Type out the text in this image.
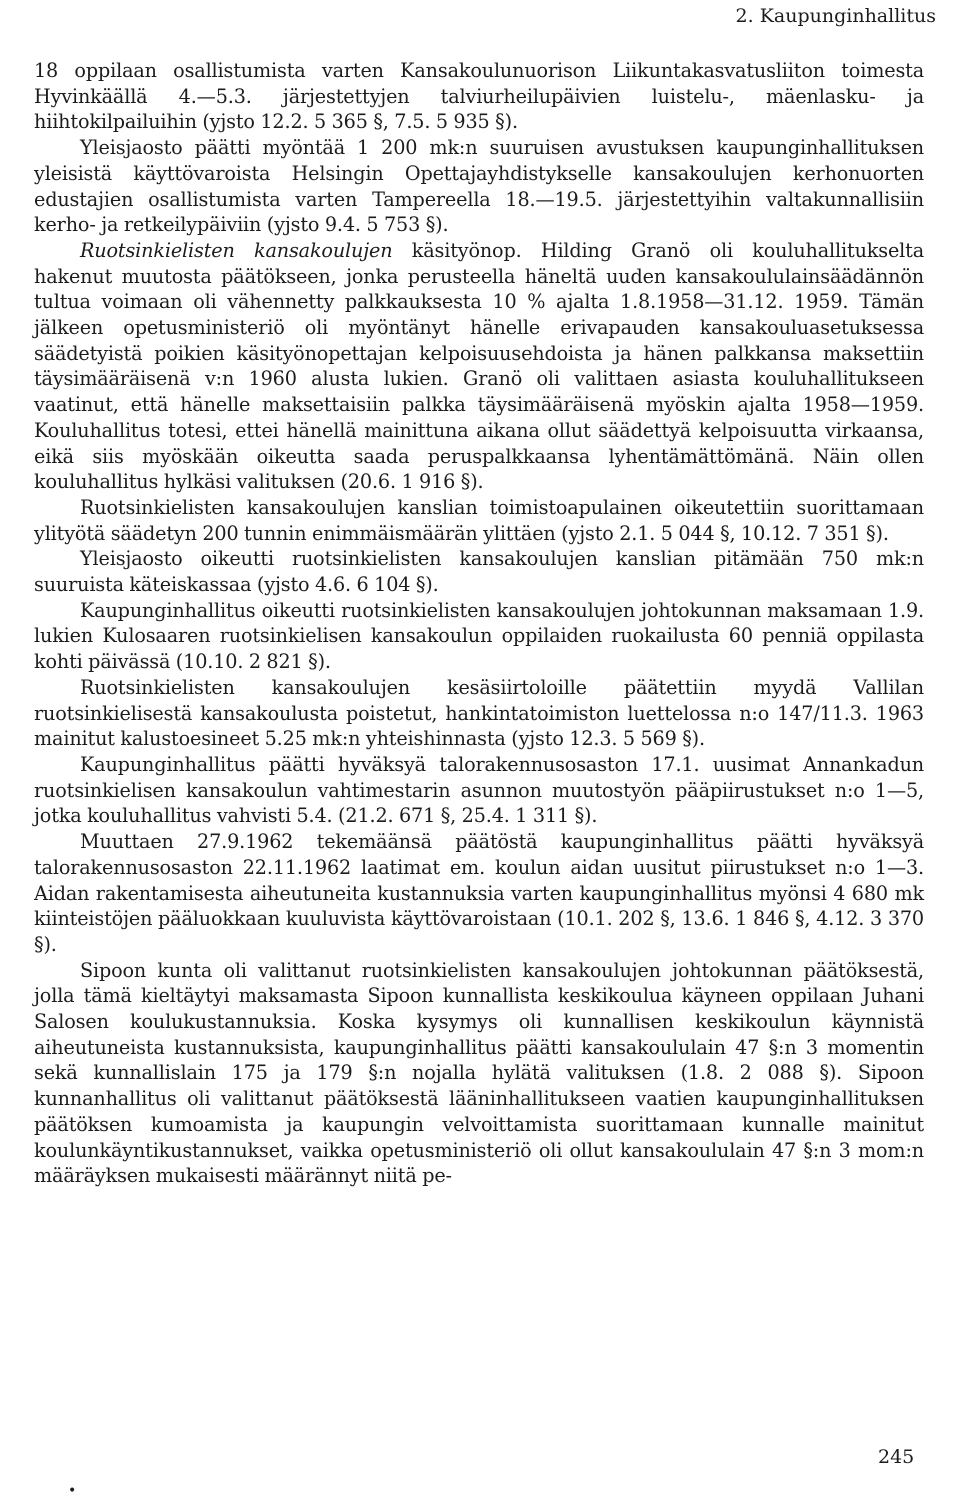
2. Kaupunginhallitus

18 oppilaan osallistumista varten Kansakoulunuorison Liikuntakasvatusliiton toimesta Hyvinkäällä 4.—5.3. järjestettyjen talviurheilupäivien luistelu-, mäenlasku- ja hiihtokilpailuihin (yjsto 12.2. 5 365 §, 7.5. 5 935 §).

Yleisjaosto päätti myöntää 1 200 mk:n suuruisen avustuksen kaupunginhallituksen yleisistä käyttövaroista Helsingin Opettajayhdistykselle kansakoulujen kerhonuorten edustajien osallistumista varten Tampereella 18.—19.5. järjestettyihin valtakunnallisiin kerho- ja retkeilypäiviin (yjsto 9.4. 5 753 §).

Ruotsinkielisten kansakoulujen käsityönop. Hilding Granö oli kouluhallitukselta hakenut muutosta päätökseen, jonka perusteella häneltä uuden kansakoululainsäädännön tultua voimaan oli vähennetty palkkauksesta 10 % ajalta 1.8.1958—31.12. 1959. Tämän jälkeen opetusministeriö oli myöntänyt hänelle erivapauden kansakouluasetuksessa säädetyistä poikien käsityönopettajan kelpoisuusehdoista ja hänen palkkansa maksettiin täysimääräisenä v:n 1960 alusta lukien. Granö oli valittaen asiasta kouluhallitukseen vaatinut, että hänelle maksettaisiin palkka täysimääräisenä myöskin ajalta 1958—1959. Kouluhallitus totesi, ettei hänellä mainittuna aikana ollut säädettyä kelpoisuutta virkaansa, eikä siis myöskään oikeutta saada peruspalkkaansa lyhentämättömänä. Näin ollen kouluhallitus hylkäsi valituksen (20.6. 1 916 §).

Ruotsinkielisten kansakoulujen kanslian toimistoapulainen oikeutettiin suorittamaan ylityötä säädetyn 200 tunnin enimmäismäärän ylittäen (yjsto 2.1. 5 044 §, 10.12. 7 351 §).

Yleisjaosto oikeutti ruotsinkielisten kansakoulujen kanslian pitämään 750 mk:n suuruista käteiskassaa (yjsto 4.6. 6 104 §).

Kaupunginhallitus oikeutti ruotsinkielisten kansakoulujen johtokunnan maksamaan 1.9. lukien Kulosaaren ruotsinkielisen kansakoulun oppilaiden ruokailusta 60 penniä oppilasta kohti päivässä (10.10. 2 821 §).

Ruotsinkielisten kansakoulujen kesäsiirtoloille päätettiin myydä Vallilan ruotsinkielisestä kansakoulusta poistetut, hankintatoimiston luettelossa n:o 147/11.3. 1963 mainitut kalustoesineet 5.25 mk:n yhteishinnasta (yjsto 12.3. 5 569 §).

Kaupunginhallitus päätti hyväksyä talorakennusosaston 17.1. uusimat Annankadun ruotsinkielisen kansakoulun vahtimestarin asunnon muutostyön pääpiirustukset n:o 1—5, jotka kouluhallitus vahvisti 5.4. (21.2. 671 §, 25.4. 1 311 §).

Muuttaen 27.9.1962 tekemäänsä päätöstä kaupunginhallitus päätti hyväksyä talorakennusosaston 22.11.1962 laatimat em. koulun aidan uusitut piirustukset n:o 1—3. Aidan rakentamisesta aiheutuneita kustannuksia varten kaupunginhallitus myönsi 4 680 mk kiinteistöjen pääluokkaan kuuluvista käyttövaroistaan (10.1. 202 §, 13.6. 1 846 §, 4.12. 3 370 §).

Sipoon kunta oli valittanut ruotsinkielisten kansakoulujen johtokunnan päätöksestä, jolla tämä kieltäytyi maksamasta Sipoon kunnallista keskikoulua käyneen oppilaan Juhani Salosen koulukustannuksia. Koska kysymys oli kunnallisen keskikoulun käynnistä aiheutuneista kustannuksista, kaupunginhallitus päätti kansakoululain 47 §:n 3 momentin sekä kunnallislain 175 ja 179 §:n nojalla hylätä valituksen (1.8. 2 088 §). Sipoon kunnanhallitus oli valittanut päätöksestä lääninhallitukseen vaatien kaupunginhallituksen päätöksen kumoamista ja kaupungin velvoittamista suorittamaan kunnalle mainitut koulunkäyntikustannukset, vaikka opetusministeriö oli ollut kansakoululain 47 §:n 3 mom:n määräyksen mukaisesti määrännyt niitä pe-

245
•
